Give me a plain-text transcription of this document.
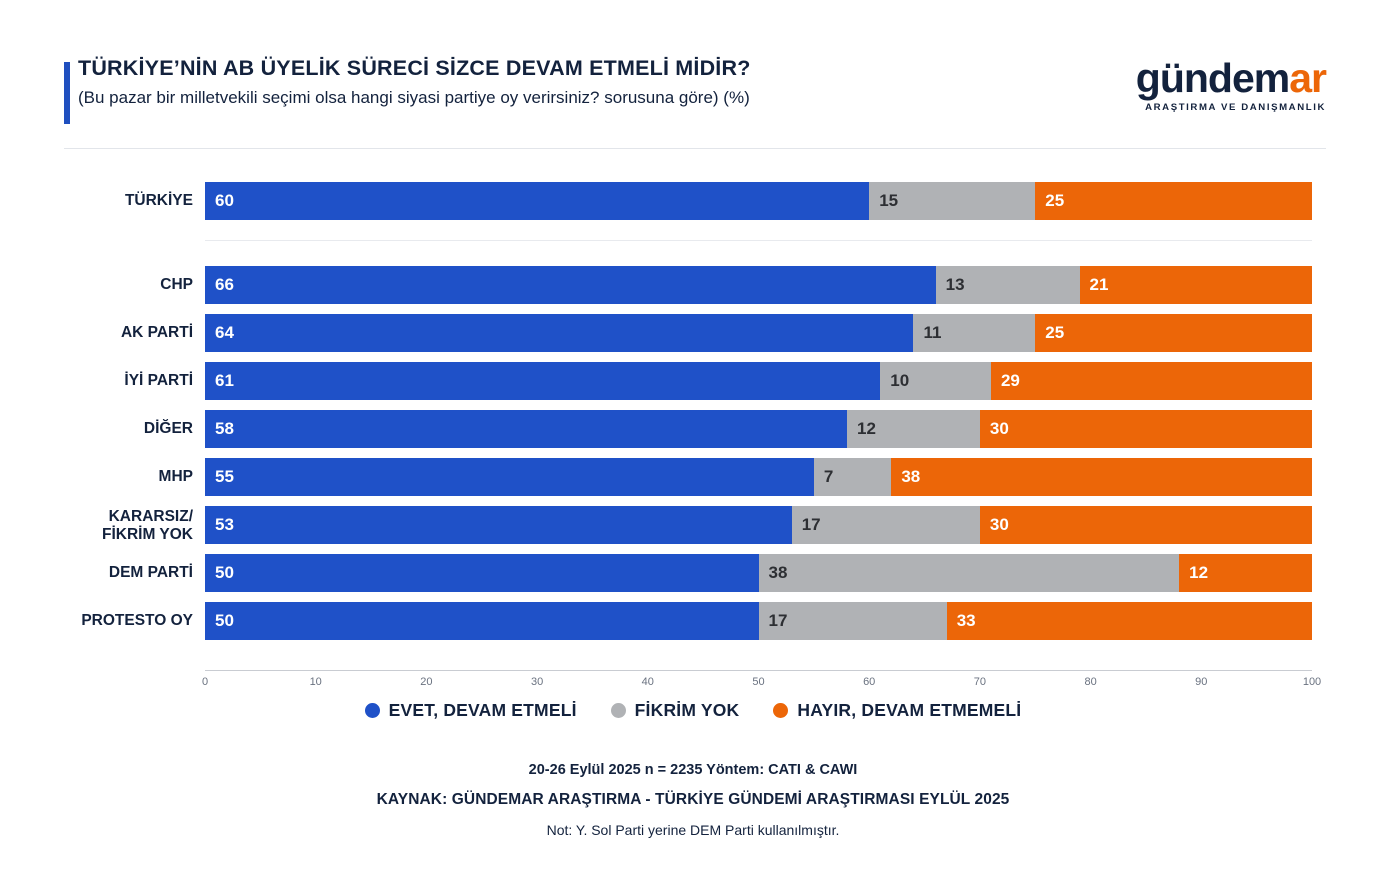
TÜRKİYE’NİN AB ÜYELİK SÜRECİ SİZCE DEVAM ETMELİ MİDİR?
(Bu pazar bir milletvekili seçimi olsa hangi siyasi partiye oy verirsiniz? sorusuna göre) (%)	gündemar
ARAŞTIRMA VE DANIŞMANLIK
TÜRKİYE	60	15	25
CHP	66	13	21
AK PARTİ	64	11	25
İYİ PARTİ	61	10	29
DİĞER	58	12	30
MHP	55	7	38
KARARSIZ/
FİKRİM YOK
53	17	30
DEM PARTİ	50	38	12
PROTESTO OY	50	17	33
0	10	20	30	40	50	60	70	80	90	100
EVET, DEVAM ETMELİ	FİKRİM YOK	HAYIR, DEVAM ETMEMELİ
20-26 Eylül 2025 n = 2235 Yöntem: CATI & CAWI
KAYNAK: GÜNDEMAR ARAŞTIRMA - TÜRKİYE GÜNDEMİ ARAŞTIRMASI EYLÜL 2025
Not: Y. Sol Parti yerine DEM Parti kullanılmıştır.
